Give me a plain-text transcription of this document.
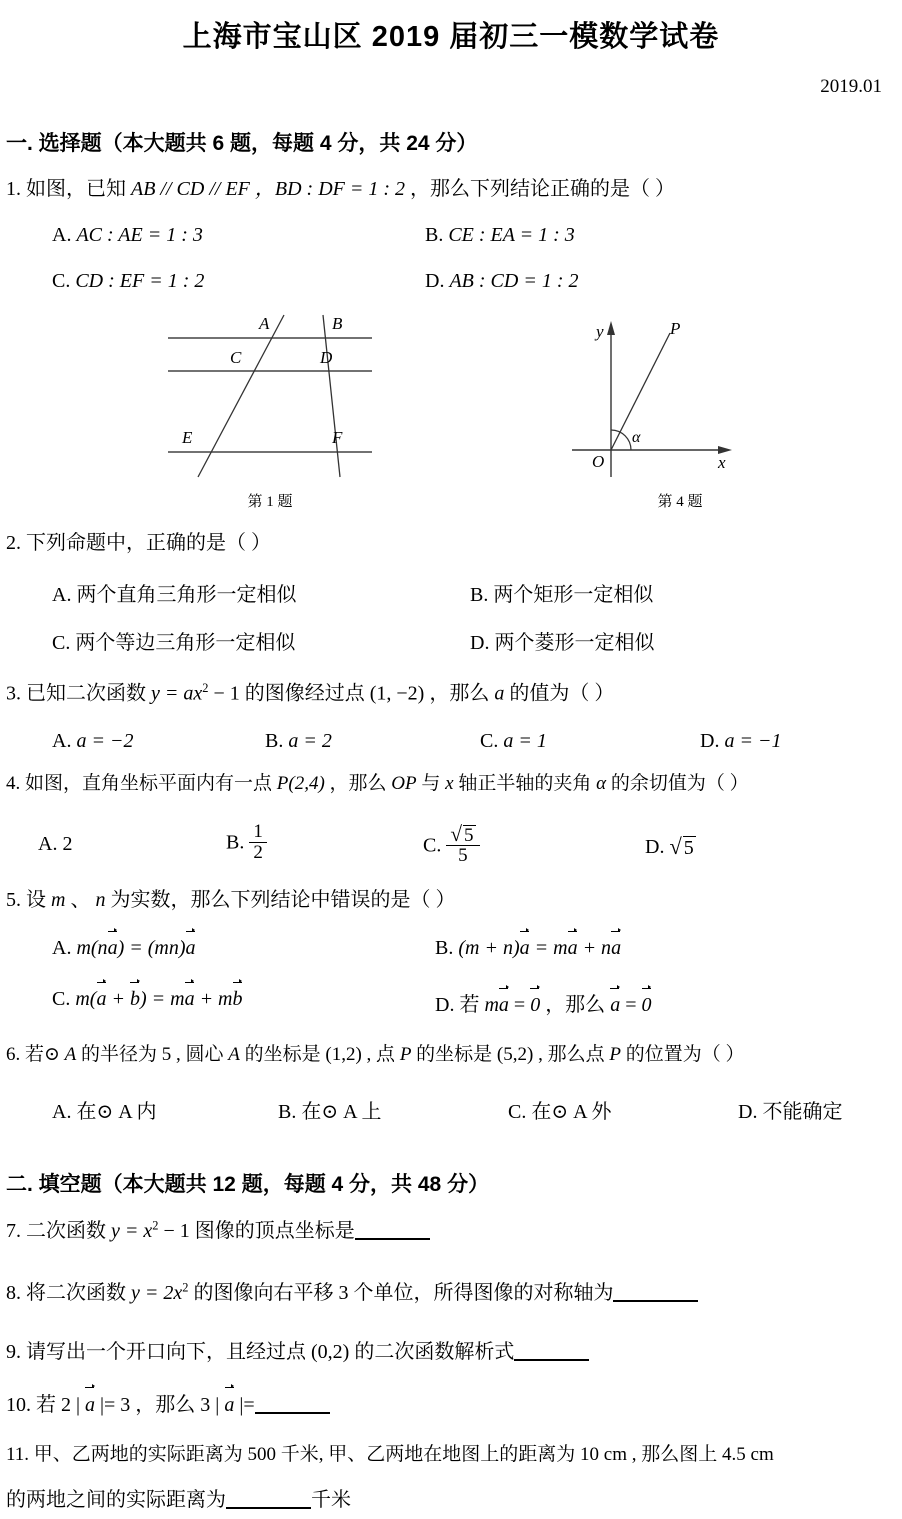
上海市宝山区 2019 届初三一模数学试卷
2019.01
一. 选择题（本大题共 6 题，每题 4 分，共 24 分）
1. 如图，已知 AB // CD // EF ，BD : DF = 1 : 2 ，那么下列结论正确的是（ ）
A. AC : AE = 1 : 3	B. CE : EA = 1 : 3
C. CD : EF = 1 : 2	D. AB : CD = 1 : 2
A	B
C	D
E	F
第 1 题
y
x
O
P
α
第 4 题
2. 下列命题中，正确的是（ ）
A. 两个直角三角形一定相似	B. 两个矩形一定相似
C. 两个等边三角形一定相似	D. 两个菱形一定相似
3. 已知二次函数 $y = ax^2 - 1$ 的图像经过点 (1, −2) ，那么 a 的值为（ ）
A. a = −2	B. a = 2	C. a = 1	D. a = −1
4. 如图，直角坐标平面内有一点 P(2,4) ，那么 OP 与 x 轴正半轴的夹角 α 的余切值为（ ）
A. 2	B. $\frac{1}{2}$	C. $\frac{√ 5}{5}$	D. √ 5
5. 设 m 、 n 为实数，那么下列结论中错误的是（ ）
A. m(na) = (mn)a	B. (m + n)a = ma + na
C. m(a + b) = ma + mb	D. 若 ma = 0 ，那么 a = 0
6. 若⊙ A 的半径为 5 , 圆心 A 的坐标是 (1,2) , 点 P 的坐标是 (5,2) , 那么点 P 的位置为（ ）
A. 在⊙ A 内	B. 在⊙ A 上	C. 在⊙ A 外	D. 不能确定
二. 填空题（本大题共 12 题，每题 4 分，共 48 分）
7. 二次函数 $y = x^2 - 1$ 图像的顶点坐标是
8. 将二次函数 $y = 2x^2$ 的图像向右平移 3 个单位，所得图像的对称轴为
9. 请写出一个开口向下，且经过点 (0,2) 的二次函数解析式
10. 若 2 | a |= 3 ，那么 3 | a |=
11. 甲、乙两地的实际距离为 500 千米, 甲、乙两地在地图上的距离为 10 cm , 那么图上 4.5 cm
的两地之间的实际距离为	千米
